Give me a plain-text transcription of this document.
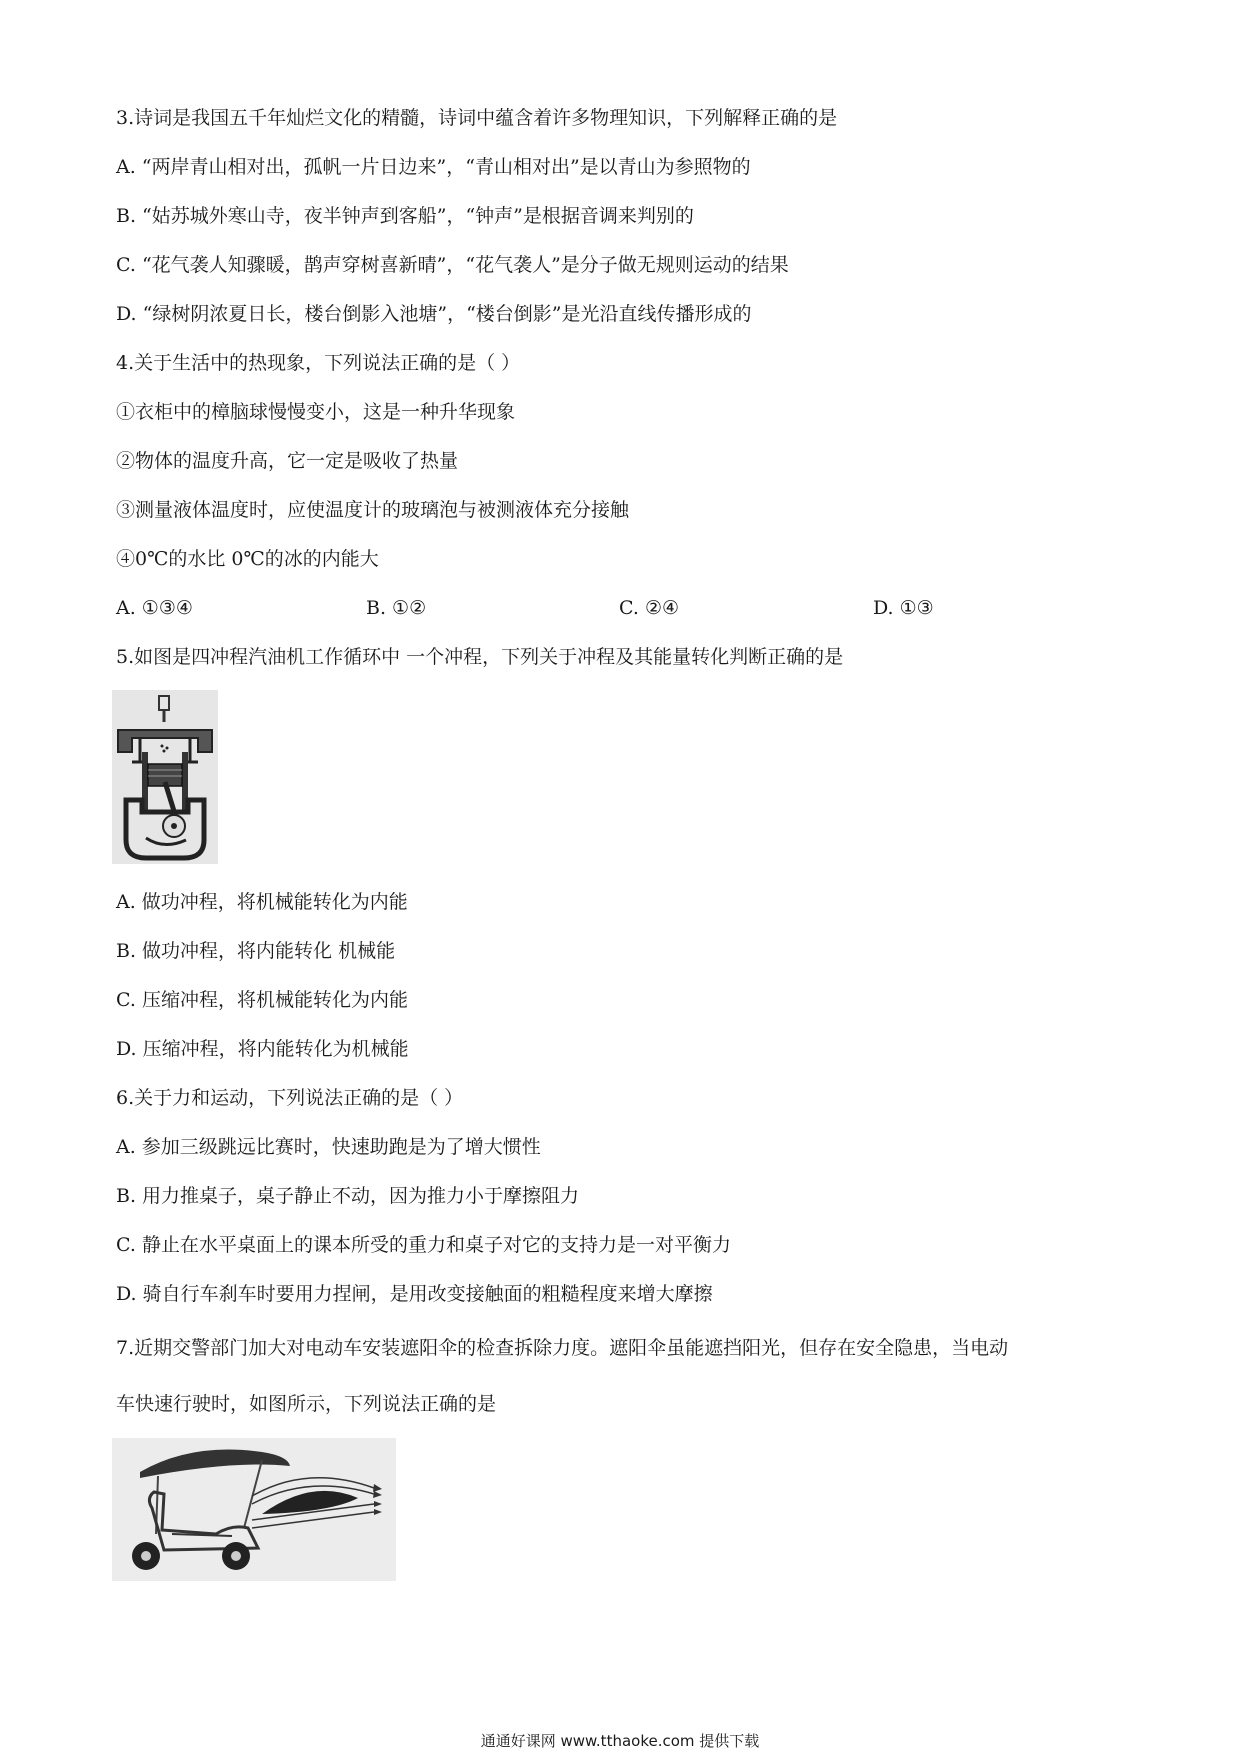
3.诗词是我国五千年灿烂文化的精髓，诗词中蕴含着许多物理知识，下列解释正确的是
A. “两岸青山相对出，孤帆一片日边来”，“青山相对出”是以青山为参照物的
B. “姑苏城外寒山寺，夜半钟声到客船”，“钟声”是根据音调来判别的
C. “花气袭人知骤暖，鹊声穿树喜新晴”，“花气袭人”是分子做无规则运动的结果
D. “绿树阴浓夏日长，楼台倒影入池塘”，“楼台倒影”是光沿直线传播形成的
4.关于生活中的热现象，下列说法正确的是（ ）
①衣柜中的樟脑球慢慢变小，这是一种升华现象
②物体的温度升高，它一定是吸收了热量
③测量液体温度时，应使温度计的玻璃泡与被测液体充分接触
④0℃的水比 0℃的冰的内能大
A. ①③④	B. ①②	C. ②④	D. ①③
5.如图是四冲程汽油机工作循环中 一个冲程，下列关于冲程及其能量转化判断正确的是
A. 做功冲程，将机械能转化为内能
B. 做功冲程，将内能转化 机械能
C. 压缩冲程，将机械能转化为内能
D. 压缩冲程，将内能转化为机械能
6.关于力和运动，下列说法正确的是（ ）
A. 参加三级跳远比赛时，快速助跑是为了增大惯性
B. 用力推桌子，桌子静止不动，因为推力小于摩擦阻力
C. 静止在水平桌面上的课本所受的重力和桌子对它的支持力是一对平衡力
D. 骑自行车刹车时要用力捏闸，是用改变接触面的粗糙程度来增大摩擦
7.近期交警部门加大对电动车安装遮阳伞的检查拆除力度。遮阳伞虽能遮挡阳光，但存在安全隐患，当电动
车快速行驶时，如图所示，下列说法正确的是
通通好课网 www.tthaoke.com 提供下载
